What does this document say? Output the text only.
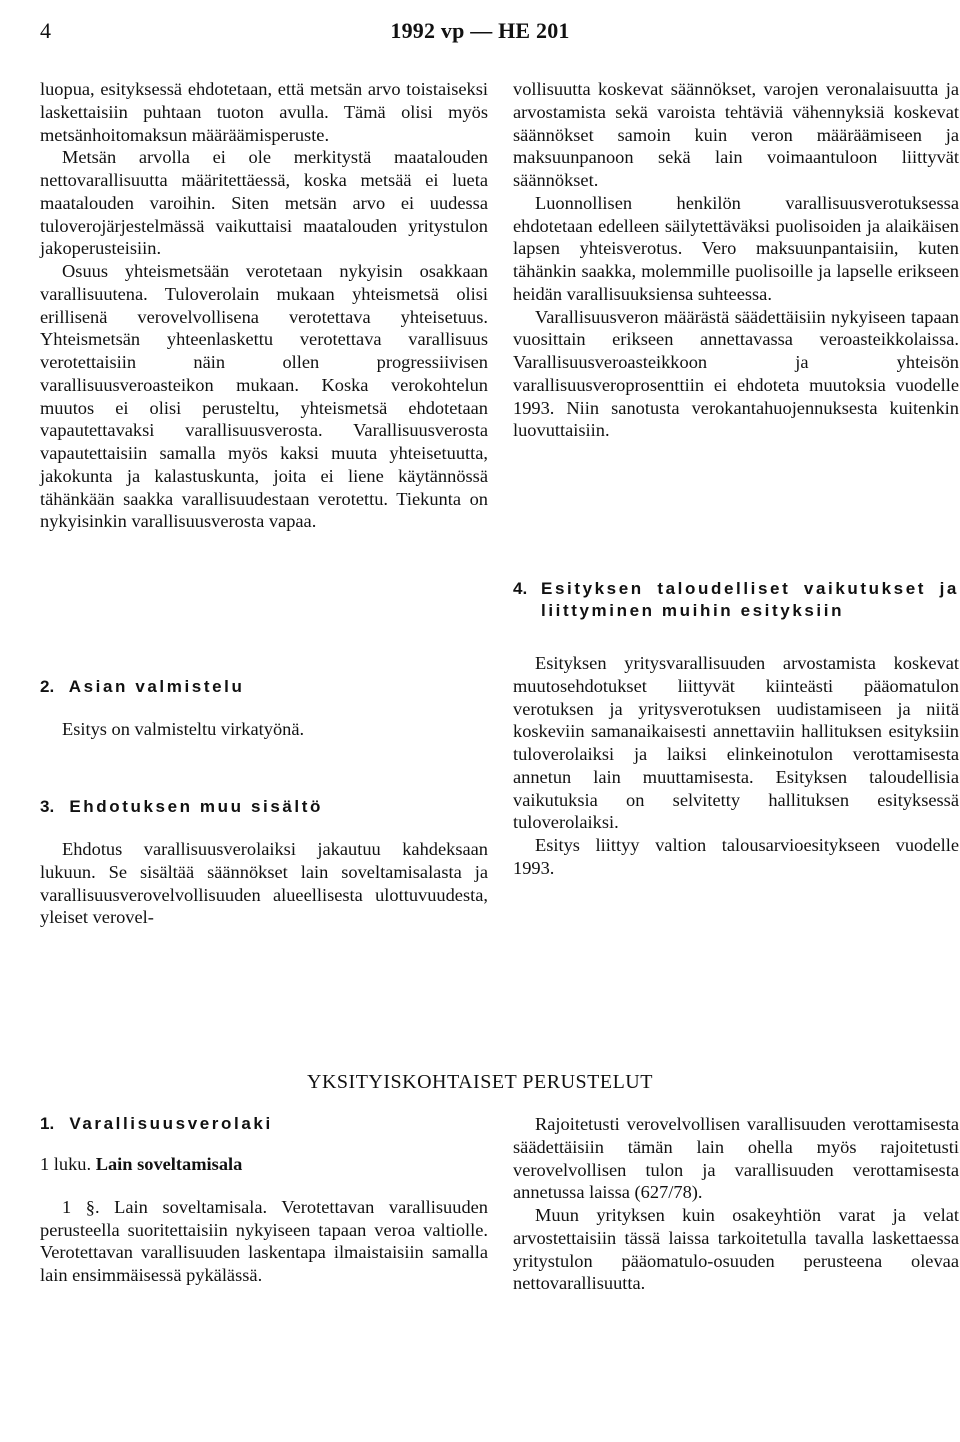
4	1992 vp — HE 201

luopua, esityksessä ehdotetaan, että metsän arvo toistaiseksi laskettaisiin puhtaan tuoton avulla. Tämä olisi myös metsänhoitomaksun määräämisperuste.

Metsän arvolla ei ole merkitystä maatalouden nettovarallisuutta määritettäessä, koska metsää ei lueta maatalouden varoihin. Siten metsän arvo ei uudessa tuloverojärjestelmässä vaikuttaisi maatalouden yritystulon jakoperusteisiin.

Osuus yhteismetsään verotetaan nykyisin osakkaan varallisuutena. Tuloverolain mukaan yhteismetsä olisi erillisenä verovelvollisena verotettava yhteisetuus. Yhteismetsän yhteenlaskettu verotettava varallisuus verotettaisiin näin ollen progressiivisen varallisuusveroasteikon mukaan. Koska verokohtelun muutos ei olisi perusteltu, yhteismetsä ehdotetaan vapautettavaksi varallisuusverosta. Varallisuusverosta vapautettaisiin samalla myös kaksi muuta yhteisetuutta, jakokunta ja kalastuskunta, joita ei liene käytännössä tähänkään saakka varallisuudestaan verotettu. Tiekunta on nykyisinkin varallisuusverosta vapaa.

2. Asian valmistelu

Esitys on valmisteltu virkatyönä.

3. Ehdotuksen muu sisältö

Ehdotus varallisuusverolaiksi jakautuu kahdeksaan lukuun. Se sisältää säännökset lain soveltamisalasta ja varallisuusverovelvollisuuden alueellisesta ulottuvuudesta, yleiset verovel-

vollisuutta koskevat säännökset, varojen veronalaisuutta ja arvostamista sekä varoista tehtäviä vähennyksiä koskevat säännökset samoin kuin veron määräämiseen ja maksuunpanoon sekä lain voimaantuloon liittyvät säännökset.

Luonnollisen henkilön varallisuusverotuksessa ehdotetaan edelleen säilytettäväksi puolisoiden ja alaikäisen lapsen yhteisverotus. Vero maksuunpantaisiin, kuten tähänkin saakka, molemmille puolisoille ja lapselle erikseen heidän varallisuuksiensa suhteessa.

Varallisuusveron määrästä säädettäisiin nykyiseen tapaan vuosittain erikseen annettavassa veroasteikkolaissa. Varallisuusveroasteikkoon ja yhteisön varallisuusveroprosenttiin ei ehdoteta muutoksia vuodelle 1993. Niin sanotusta verokantahuojennuksesta kuitenkin luovuttaisiin.

4. Esityksen taloudelliset vaikutukset ja liittyminen muihin esityksiin

Esityksen yritysvarallisuuden arvostamista koskevat muutosehdotukset liittyvät kiinteästi pääomatulon verotuksen ja yritysverotuksen uudistamiseen ja niitä koskeviin samanaikaisesti annettaviin hallituksen esityksiin tuloverolaiksi ja laiksi elinkeinotulon verottamisesta annetun lain muuttamisesta. Esityksen taloudellisia vaikutuksia on selvitetty hallituksen esityksessä tuloverolaiksi.

Esitys liittyy valtion talousarvioesitykseen vuodelle 1993.

YKSITYISKOHTAISET PERUSTELUT
1. Varallisuusverolaki

1 luku. Lain soveltamisala

1 §. Lain soveltamisala. Verotettavan varallisuuden perusteella suoritettaisiin nykyiseen tapaan veroa valtiolle. Verotettavan varallisuuden laskentapa ilmaistaisiin samalla lain ensimmäisessä pykälässä.

Rajoitetusti verovelvollisen varallisuuden verottamisesta säädettäisiin tämän lain ohella myös rajoitetusti verovelvollisen tulon ja varallisuuden verottamisesta annetussa laissa (627/78).

Muun yrityksen kuin osakeyhtiön varat ja velat arvostettaisiin tässä laissa tarkoitetulla tavalla laskettaessa yritystulon pääomatulo-osuuden perusteena olevaa nettovarallisuutta.
